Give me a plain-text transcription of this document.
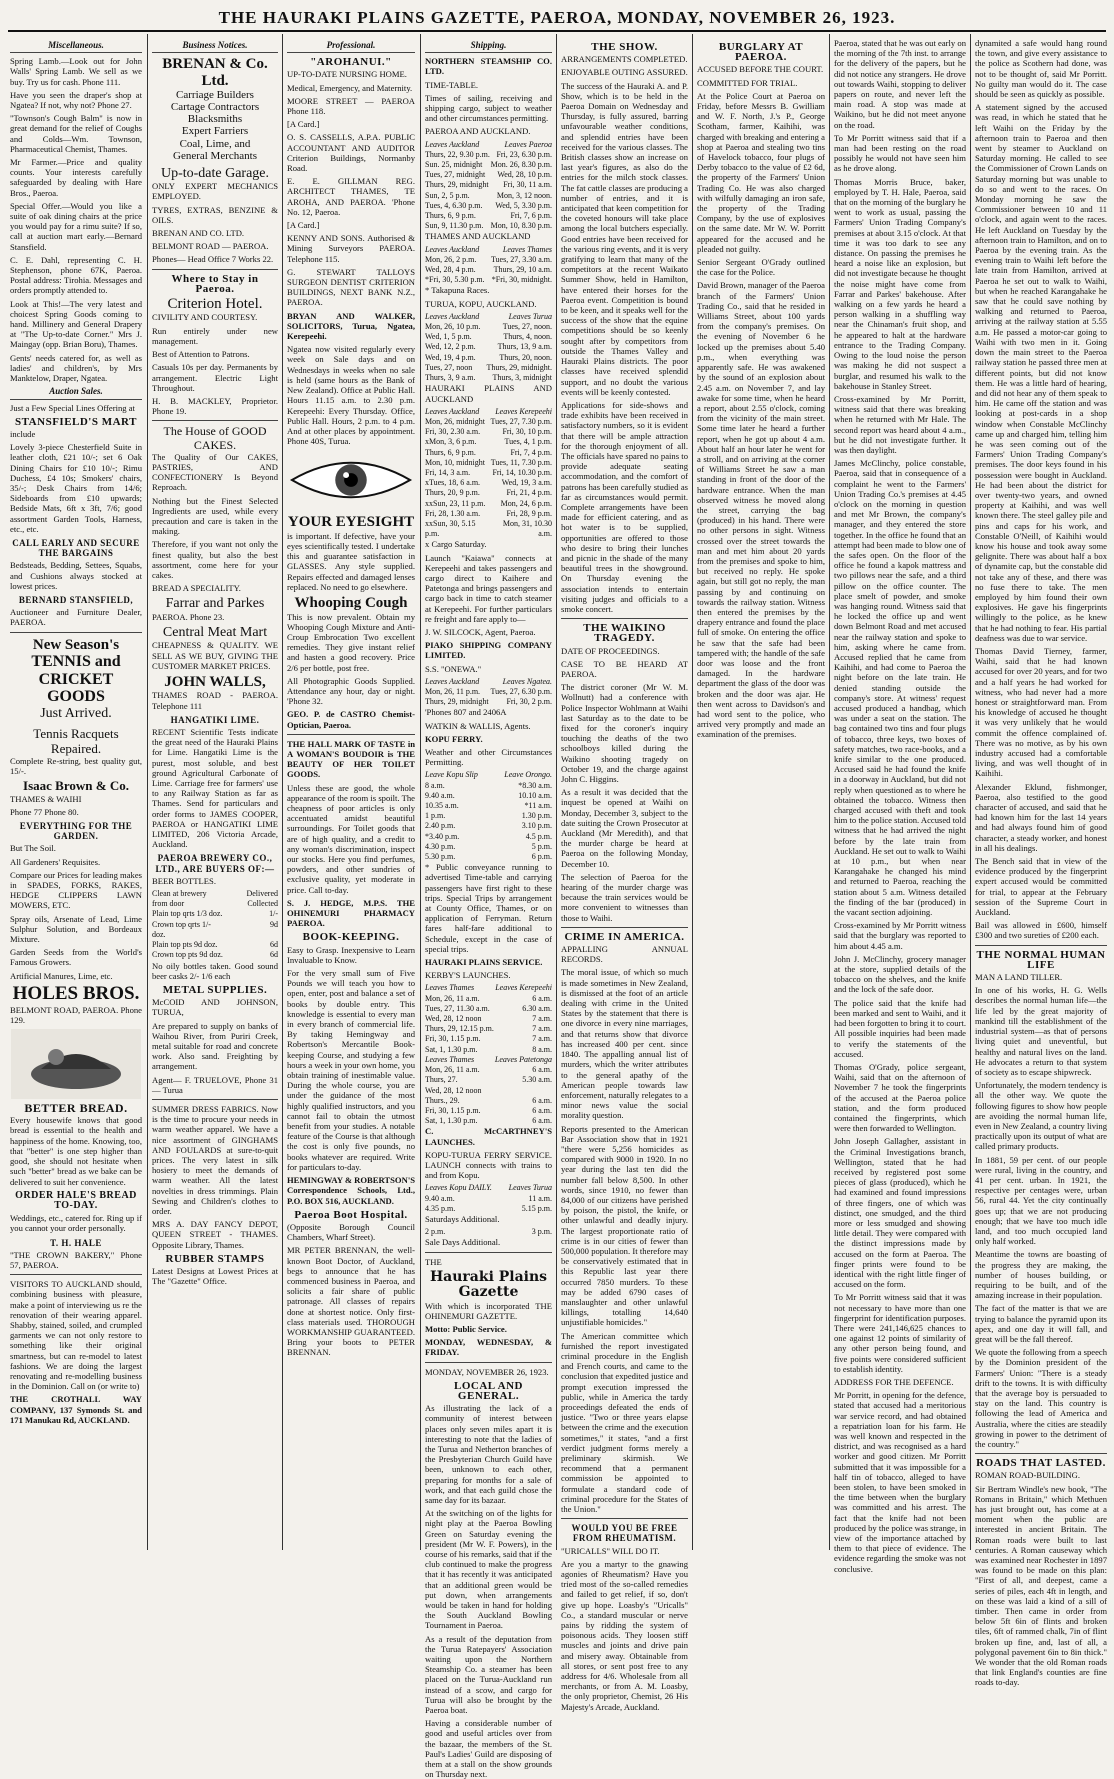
THE HAURAKI PLAINS GAZETTE, PAEROA, MONDAY, NOVEMBER 26, 1923.
Miscellaneous.

Spring Lamb.—Look out for John Walls' Spring Lamb. We sell as we buy. Try us for cash. Phone 111.

Have you seen the draper's shop at Ngatea? If not, why not? Phone 27.

"Townson's Cough Balm" is now in great demand for the relief of Coughs and Colds—Wm. Townson, Pharmaceutical Chemist, Thames.

Mr Farmer.—Price and quality counts. Your interests carefully safeguarded by dealing with Hare Bros., Paeroa.

Special Offer.—Would you like a suite of oak dining chairs at the price you would pay for a rimu suite? If so, call at auction mart early.—Bernard Stansfield.

C. E. Dahl, representing C. H. Stephenson, phone 67K, Paeroa. Postal address: Tirohia. Messages and orders promptly attended to.

Look at This!—The very latest and choicest Spring Goods coming to hand. Millinery and General Drapery at "The Up-to-date Corner." Mrs J. Maingay (opp. Brian Boru), Thames.

Gents' needs catered for, as well as ladies' and children's, by Mrs Manktelow, Draper, Ngatea.

Auction Sales.

Just a Few Special Lines Offering at

STANSFIELD'S MART

include

Lovely 3-piece Chesterfield Suite in leather cloth, £21 10/-; set 6 Oak Dining Chairs for £10 10/-; Rimu Duchess, £4 10s; Smokers' chairs, 35/-; Desk Chairs from 14/6; Sideboards from £10 upwards; Bedside Mats, 6ft x 3ft, 7/6; good assortment Garden Tools, Harness, etc., etc.

CALL EARLY AND SECURE THE BARGAINS

Bedsteads, Bedding, Settees, Squabs, and Cushions always stocked at lowest prices.

BERNARD STANSFIELD,

Auctioneer and Furniture Dealer, PAEROA.

New Season's
TENNIS and CRICKET GOODS
Just Arrived.
Tennis Racquets Repaired.

Complete Re-string, best quality gut, 15/-.

Isaac Brown & Co.

THAMES & WAIHI

Phone 77 Phone 80.

EVERYTHING FOR THE GARDEN.

But The Soil.

All Gardeners' Requisites.

Compare our Prices for leading makes in SPADES, FORKS, RAKES, HEDGE CLIPPERS LAWN MOWERS, ETC.

Spray oils, Arsenate of Lead, Lime Sulphur Solution, and Bordeaux Mixture.

Garden Seeds from the World's Famous Growers.

Artificial Manures, Lime, etc.

HOLES BROS.

BELMONT ROAD, PAEROA. Phone 129.

BETTER BREAD.

Every housewife knows that good bread is essential to the health and happiness of the home. Knowing, too, that "better" is one step higher than good, she should not hesitate when such "better" bread as we bake can be delivered to suit her convenience.

ORDER HALE'S BREAD TO-DAY.

Weddings, etc., catered for. Ring up if you cannot your order personally.

T. H. HALE

"THE CROWN BAKERY," Phone 57, PAEROA.

VISITORS TO AUCKLAND should, combining business with pleasure, make a point of interviewing us re the renovation of their wearing apparel. Shabby, stained, soiled, and crumpled garments we can not only restore to something like their original smartness, but can re-model to latest fashions. We are doing the largest renovating and re-modelling business in the Dominion. Call on (or write to)

THE CROTHALL WAY COMPANY, 137 Symonds St. and 171 Manukau Rd, AUCKLAND.

Business Notices.
BRENAN & Co. Ltd.
Carriage Builders
Cartage Contractors
Blacksmiths
Expert Farriers
Coal, Lime, and
General Merchants
Up-to-date Garage.

ONLY EXPERT MECHANICS EMPLOYED.

TYRES, EXTRAS, BENZINE & OILS.

BRENAN AND CO. LTD.

BELMONT ROAD — PAEROA.

Phones— Head Office 7 Works 22.

Where to Stay in Paeroa.
Criterion Hotel.

CIVILITY AND COURTESY.

Run entirely under new management.

Best of Attention to Patrons.

Casuals 10s per day. Permanents by arrangement. Electric Light Throughout.

H. B. MACKLEY, Proprietor. Phone 19.

The House of GOOD CAKES.

The Quality of Our CAKES, PASTRIES, AND CONFECTIONERY Is Beyond Reproach.

Nothing but the Finest Selected Ingredients are used, while every precaution and care is taken in the making.

Therefore, if you want not only the finest quality, but also the best assortment, come here for your cakes.

BREAD A SPECIALITY.

Farrar and Parkes

PAEROA. Phone 23.

Central Meat Mart

CHEAPNESS & QUALITY. WE SELL AS WE BUY, GIVING THE CUSTOMER MARKET PRICES.

JOHN WALLS,

THAMES ROAD - PAEROA. Telephone 111

HANGATIKI LIME.

RECENT Scientific Tests indicate the great need of the Hauraki Plains for Lime. Hangatiki Lime is the purest, most soluble, and best ground Agricultural Carbonate of Lime. Carriage free for farmers' use to any Railway Station as far as Thames. Send for particulars and order forms to JAMES COOPER, PAEROA or HANGATIKI LIME LIMITED, 206 Victoria Arcade, Auckland.

PAEROA BREWERY CO., LTD., ARE BUYERS OF:—

BEER BOTTLES.

Clean at brewery from door	Delivered Collected
Plain top qrts 1/3 doz.	1/-
Crown top qrts 1/- doz.	9d
Plain top pts 9d doz.	6d
Crown top pts 9d doz.	6d

No oily bottles taken. Good sound beer casks 2/- 1/6 each

METAL SUPPLIES.

McCOID AND JOHNSON, TURUA,

Are prepared to supply on banks of Waihou River, from Puriri Creek, metal suitable for road and concrete work. Also sand. Freighting by arrangement.

Agent— F. TRUELOVE, Phone 31 — Turua

SUMMER DRESS FABRICS. Now is the time to procure your needs in warm weather apparel. We have a nice assortment of GINGHAMS AND FOULARDS at sure-to-quit prices. The very latest in silk hosiery to meet the demands of warm weather. All the latest novelties in dress trimmings. Plain Sewing and Children's clothes to order.

MRS A. DAY FANCY DEPOT, QUEEN STREET - THAMES. Opposite Library, Thames.

RUBBER STAMPS

Latest Designs at Lowest Prices at The "Gazette" Office.

Professional.
"AROHANUI."

UP-TO-DATE NURSING HOME.

Medical, Emergency, and Maternity.

MOORE STREET — PAEROA Phone 118.

[A Card.]

O. S. CASSELLS, A.P.A. PUBLIC ACCOUNTANT AND AUDITOR Criterion Buildings, Normanby Road.

E. E. GILLMAN REG. ARCHITECT THAMES, TE AROHA, AND PAEROA. 'Phone No. 12, Paeroa.

[A Card.]

KENNY AND SONS. Authorised & Mining Surveyors PAEROA. Telephone 115.

G. STEWART TALLOYS SURGEON DENTIST CRITERION BUILDINGS, NEXT BANK N.Z., PAEROA.

BRYAN AND WALKER, SOLICITORS, Turua, Ngatea, Kerepeehi.

Ngatea now visited regularly every week on Sale days and on Wednesdays in weeks when no sale is held (same hours as the Bank of New Zealand). Office at Public Hall. Hours 11.15 a.m. to 2.30 p.m. Kerepeehi: Every Thursday. Office, Public Hall. Hours, 2 p.m. to 4 p.m. And at other places by appointment. Phone 40S, Turua.

YOUR EYESIGHT

is important. If defective, have your eyes scientifically tested. I undertake this and guarantee satisfaction in GLASSES. Any style supplied. Repairs effected and damaged lenses replaced. No need to go elsewhere.

Whooping Cough

This is now prevalent. Obtain my Whooping Cough Mixture and Anti-Croup Embrocation Two excellent remedies. They give instant relief and hasten a good recovery. Price 2/6 per bottle, post free.

All Photographic Goods Supplied. Attendance any hour, day or night. 'Phone 32.

GEO. P. de CASTRO Chemist-Optician, Paeroa.

THE HALL MARK OF TASTE in A WOMAN'S BOUDOIR is THE BEAUTY OF HER TOILET GOODS.

Unless these are good, the whole appearance of the room is spoilt. The cheapness of poor articles is only accentuated amidst beautiful surroundings. For Toilet goods that are of high quality, and a credit to any woman's discrimination, inspect our stocks. Here you find perfumes, powders, and other sundries of exclusive quality, yet moderate in price. Call to-day.

S. J. HEDGE, M.P.S. THE OHINEMURI PHARMACY PAEROA.

BOOK-KEEPING.

Easy to Grasp. Inexpensive to Learn Invaluable to Know.

For the very small sum of Five Pounds we will teach you how to open, enter, post and balance a set of books by double entry. This knowledge is essential to every man in every branch of commercial life. By taking Hemingway and Robertson's Mercantile Book-keeping Course, and studying a few hours a week in your own home, you obtain training of inestimable value. During the whole course, you are under the guidance of the most highly qualified instructors, and you cannot fail to obtain the utmost benefit from your studies. A notable feature of the Course is that although the cost is only five pounds, no books whatever are required. Write for particulars to-day.

HEMINGWAY & ROBERTSON'S Correspondence Schools, Ltd., P.O. BOX 516, AUCKLAND.

Paeroa Boot Hospital.

(Opposite Borough Council Chambers, Wharf Street).

MR PETER BRENNAN, the well-known Boot Doctor, of Auckland, begs to announce that he has commenced business in Paeroa, and solicits a fair share of public patronage. All classes of repairs done at shortest notice. Only first-class materials used. THOROUGH WORKMANSHIP GUARANTEED. Bring your boots to PETER BRENNAN.

Shipping.

NORTHERN STEAMSHIP CO. LTD.

TIME-TABLE.

Times of sailing, receiving and shipping cargo, subject to weather and other circumstances permitting.

PAEROA AND AUCKLAND.

Leaves Auckland	Leaves Paeroa
Thurs, 22, 9.30 p.m.	Fri, 23, 6.30 p.m.
Sun. 25, midnight	Mon. 26, 8.30 p.m.
Tues, 27, midnight	Wed, 28, 10 p.m.
Thurs, 29, midnight	Fri, 30, 11 a.m.
Sun, 2, 5 p.m.	Mon, 3, 12 noon.
Tues, 4, 6.30 p.m.	Wed, 5, 3.30 p.m.
Thurs, 6, 9 p.m.	Fri, 7, 6 p.m.
Sun, 9, 11.30 p.m.	Mon, 10, 8.30 p.m.

THAMES AND AUCKLAND

Leaves Auckland	Leaves Thames
Mon, 26, 2 p.m.	Tues, 27, 3.30 a.m.
Wed, 28, 4 p.m.	Thurs, 29, 10 a.m.
*Fri, 30, 5.30 p.m.	*Fri, 30, midnight.

* Takapuna Races.

TURUA, KOPU, AUCKLAND.

Leaves Auckland	Leaves Turua
Mon, 26, 10 p.m.	Tues, 27, noon.
Wed, 1, 5 p.m.	Thurs, 4, noon.
Wed, 12, 2 p.m.	Thurs, 13, 9 a.m.
Wed, 19, 4 p.m.	Thurs, 20, noon.
Tues, 27, noon	Thurs, 29, midnight.
Thurs, 3, 9 a.m.	Thurs, 3, midnight

HAURAKI PLAINS AND AUCKLAND

Leaves Auckland	Leaves Kerepeehi
Mon, 26, midnight	Tues, 27, 7.30 p.m.
Fri, 30, 2.30 a.m.	Fri, 30, 10 p.m.
xMon, 3, 6 p.m.	Tues, 4, 1 p.m.
Thurs, 6, 9 p.m.	Fri, 7, 4 p.m.
Mon, 10, midnight	Tues, 11, 7.30 p.m.
Fri, 14, 3 a.m.	Fri, 14, 10.30 p.m.
xTues, 18, 6 a.m.	Wed, 19, 3 a.m.
Thurs, 20, 9 p.m.	Fri, 21, 4 p.m.
xxSun, 23, 11 p.m.	Mon, 24, 6 p.m.
Fri, 28, 1.30 a.m.	Fri, 28, 9 p.m.
xxSun, 30, 5.15 p.m.	Mon, 31, 10.30 a.m.

x Cargo Saturday.

Launch "Kaiawa" connects at Kerepeehi and takes passengers and cargo direct to Kaihere and Patetonga and brings passengers and cargo back in time to catch steamer at Kerepeehi. For further particulars re freight and fare apply to—

J. W. SILCOCK, Agent, Paeroa.

PIAKO SHIPPING COMPANY LIMITED.

S.S. "ONEWA."

Leaves Auckland	Leaves Ngatea.
Mon, 26, 11 p.m.	Tues, 27, 6.30 p.m.
Thurs, 29, midnight	Fri, 30, 2 p.m.

'Phones 807 and 2406A

WATKIN & WALLIS, Agents.

KOPU FERRY.

Weather and other Circumstances Permitting.

Leave Kopu Slip	Leave Orongo.
8 a.m.	*8.30 a.m.
9.40 a.m.	10.10 a.m.
10.35 a.m.	*11 a.m.
1 p.m.	1.30 p.m.
2.40 p.m.	3.10 p.m.
*3.40 p.m.	4.5 p.m.
4.30 p.m.	5 p.m.
5.30 p.m.	6 p.m.

* Public conveyance running to advertised Time-table and carrying passengers have first right to these trips. Special Trips by arrangement at County Office, Thames, or on application of Ferryman. Return fares half-fare additional to Schedule, except in the case of special trips.

HAURAKI PLAINS SERVICE.

KERBY'S LAUNCHES.

Leaves Thames	Leaves Kerepeehi
Mon, 26, 11 a.m.	6 a.m.
Tues, 27, 11.30 a.m.	6.30 a.m.
Wed, 28, 12 noon	7 a.m.
Thurs, 29, 12.15 p.m.	7 a.m.
Fri, 30, 1.15 p.m.	7 a.m.
Sat, 1, 1.30 p.m.	8 a.m.
Leaves Thames	Leaves Patetonga
Mon, 26, 11 a.m.	6 a.m.
Thurs, 27.	5.30 a.m.
Wed, 28, 12 noon	
Thurs., 29.	6 a.m.
Fri, 30, 1.15 p.m.	6 a.m.
Sat, 1, 1.30 p.m.	6 a.m.

C. McCARTHNEY'S LAUNCHES.

KOPU-TURUA FERRY SERVICE. LAUNCH connects with trains to and from Kopu.

Leaves Kopu DAILY.	Leaves Turua
9.40 a.m.	11 a.m.
4.35 p.m.	5.15 p.m.

Saturdays Additional.

2 p.m.	3 p.m.

Sale Days Additional.

THE

Hauraki Plains Gazette

With which is incorporated THE OHINEMURI GAZETTE.

Motto: Public Service.

MONDAY, WEDNESDAY, & FRIDAY.

MONDAY, NOVEMBER 26, 1923.

LOCAL AND GENERAL.

As illustrating the lack of a community of interest between places only seven miles apart it is interesting to note that the ladies of the Turua and Netherton branches of the Presbyterian Church Guild have been, unknown to each other, preparing for months for a sale of work, and that each guild chose the same day for its bazaar.

At the switching on of the lights for night play at the Paeroa Bowling Green on Saturday evening the president (Mr W. F. Powers), in the course of his remarks, said that if the club continued to make the progress that it has recently it was anticipated that an additional green would be put down, when arrangements would be taken in hand for holding the South Auckland Bowling Tournament in Paeroa.

As a result of the deputation from the Turua Ratepayers' Association waiting upon the Northern Steamship Co. a steamer has been placed on the Turua-Auckland run instead of a scow, and cargo for Turua will also be brought by the Paeroa boat.

Having a considerable number of good and useful articles over from the bazaar, the members of the St. Paul's Ladies' Guild are disposing of them at a stall on the show grounds on Thursday next.

THE SHOW.

ARRANGEMENTS COMPLETED.

ENJOYABLE OUTING ASSURED.

The success of the Hauraki A. and P. Show, which is to be held in the Paeroa Domain on Wednesday and Thursday, is fully assured, barring unfavourable weather conditions, and splendid entries have been received for the various classes. The British classes show an increase on last year's figures, as also do the entries for the milch stock classes. The fat cattle classes are producing a number of entries, and it is anticipated that keen competition for the coveted honours will take place among the local butchers especially. Good entries have been received for the various ring events, and it is very gratifying to learn that many of the competitors at the recent Waikato Summer Show, held in Hamilton, have entered their horses for the Paeroa event. Competition is bound to be keen, and it speaks well for the success of the show that the equine competitions should be so keenly sought after by competitors from outside the Thames Valley and Hauraki Plains districts. The poor classes have received splendid support, and no doubt the various events will be keenly contested.

Applications for side-shows and trade exhibits have been received in satisfactory numbers, so it is evident that there will be ample attraction for the thorough enjoyment of all. The officials have spared no pains to provide adequate seating accommodation, and the comfort of patrons has been carefully studied as far as circumstances would permit. Complete arrangements have been made for efficient catering, and as hot water is to be supplied, opportunities are offered to those who desire to bring their lunches and picnic in the shade of the many beautiful trees in the showground. On Thursday evening the association intends to entertain visiting judges and officials to a smoke concert.

THE WAIKINO TRAGEDY.

DATE OF PROCEEDINGS.

CASE TO BE HEARD AT PAEROA.

The district coroner (Mr W. M. Wollnutt) had a conference with Police Inspector Wohlmann at Waihi last Saturday as to the date to be fixed for the coroner's inquiry touching the deaths of the two schoolboys killed during the Waikino shooting tragedy on October 19, and the charge against John C. Higgins.

As a result it was decided that the inquest be opened at Waihi on Monday, December 3, subject to the date suiting the Crown Prosecutor at Auckland (Mr Meredith), and that the murder charge be heard at Paeroa on the following Monday, December 10.

The selection of Paeroa for the hearing of the murder charge was because the train services would be more convenient to witnesses than those to Waihi.

CRIME IN AMERICA.

APPALLING ANNUAL RECORDS.

The moral issue, of which so much is made sometimes in New Zealand, is dismissed at the foot of an article dealing with crime in the United States by the statement that there is one divorce in every nine marriages, and that returns show that divorce has increased 400 per cent. since 1840. The appalling annual list of murders, which the writer attributes to the general apathy of the American people towards law enforcement, naturally relegates to a minor news value the social morality question.

Reports presented to the American Bar Association show that in 1921 "there were 5,256 homicides as compared with 9000 in 1920. In no year during the last ten did the number fall below 8,500. In other words, since 1910, no fewer than 84,000 of our citizens have perished by poison, the pistol, the knife, or other unlawful and deadly injury. The largest proportionate ratio of crime is in our cities of fewer than 500,000 population. It therefore may be conservatively estimated that in this Republic last year there occurred 7850 murders. To these may be added 6790 cases of manslaughter and other unlawful killings, totalling 14,640 unjustifiable homicides."

The American committee which furnished the report investigated criminal procedure in the English and French courts, and came to the conclusion that expedited justice and prompt execution impressed the public, while in America the tardy proceedings defeated the ends of justice. "Two or three years elapse between the crime and the execution sometimes," it states, "and a first verdict judgment forms merely a preliminary skirmish. We recommend that a permanent commission be appointed to formulate a standard code of criminal procedure for the States of the Union."

WOULD YOU BE FREE FROM RHEUMATISM.

"URICALLS" WILL DO IT.

Are you a martyr to the gnawing agonies of Rheumatism? Have you tried most of the so-called remedies and failed to get relief, if so, don't give up hope. Loasby's "Uricalls" Co., a standard muscular or nerve pains by ridding the system of poisonous acids. They loosen stiff muscles and joints and drive pain and misery away. Obtainable from all stores, or sent post free to any address for 4/6. Wholesale from all merchants, or from A. M. Loasby, the only proprietor, Chemist, 26 His Majesty's Arcade, Auckland.

BURGLARY AT PAEROA.

ACCUSED BEFORE THE COURT.

COMMITTED FOR TRIAL.

At the Police Court at Paeroa on Friday, before Messrs B. Gwilliam and W. F. North, J.'s P., George Scotham, farmer, Kaihihi, was charged with breaking and entering a shop at Paeroa and stealing two tins of Havelock tobacco, four plugs of Derby tobacco to the value of £2 6d, the property of the Farmers' Union Trading Co. He was also charged with wilfully damaging an iron safe, the property of the Trading Company, by the use of explosives on the same date. Mr W. W. Porritt appeared for the accused and he pleaded not guilty.

Senior Sergeant O'Grady outlined the case for the Police.

David Brown, manager of the Paeroa branch of the Farmers' Union Trading Co., said that he resided in Williams Street, about 100 yards from the company's premises. On the evening of November 6 he locked up the premises about 5.40 p.m., when everything was apparently safe. He was awakened by the sound of an explosion about 2.45 a.m. on November 7, and lay awake for some time, when he heard a report, about 2.55 o'clock, coming from the vicinity of the main street. Some time later he heard a further report, when he got up about 4 a.m. About half an hour later he went for a stroll, and on arriving at the corner of Williams Street he saw a man standing in front of the door of the hardware entrance. When the man observed witness he moved along the street, carrying the bag (produced) in his hand. There were no other persons in sight. Witness crossed over the street towards the man and met him about 20 yards from the premises and spoke to him, but received no reply. He spoke again, but still got no reply, the man passing by and continuing on towards the railway station. Witness then entered the premises by the drapery entrance and found the place full of smoke. On entering the office he saw that the safe had been tampered with; the handle of the safe door was loose and the front damaged. In the hardware department the glass of the door was broken and the door was ajar. He then went across to Davidson's and had word sent to the police, who arrived very promptly and made an examination of the premises.

Paeroa, stated that he was out early on the morning of the 7th inst. to arrange for the delivery of the papers, but he did not notice any strangers. He drove out towards Waihi, stopping to deliver papers on route, and never left the main road. A stop was made at Waikino, but he did not meet anyone on the road.

To Mr Porritt witness said that if a man had been resting on the road possibly he would not have seen him as he drove along.

Thomas Morris Bruce, baker, employed by T. H. Hale, Paeroa, said that on the morning of the burglary he went to work as usual, passing the Farmers' Union Trading Company's premises at about 3.15 o'clock. At that time it was too dark to see any distance. On passing the premises he heard a noise like an explosion, but did not investigate because he thought the noise might have come from Farrar and Parkes' bakehouse. After walking on a few yards he heard a person walking in a shuffling way near the Chinaman's fruit shop, and he appeared to halt at the hardware entrance to the Trading Company. Owing to the loud noise the person was making he did not suspect a burglar, and resumed his walk to the bakehouse in Stanley Street.

Cross-examined by Mr Porritt, witness said that there was breaking when he returned with Mr Hale. The second report was heard about 4 a.m., but he did not investigate further. It was then daylight.

James McClinchy, police constable, Paeroa, said that in consequence of a complaint he went to the Farmers' Union Trading Co.'s premises at 4.45 o'clock on the morning in question and met Mr Brown, the company's manager, and they entered the store together. In the office he found that an attempt had been made to blow one of the safes open. On the floor of the office he found a kapok mattress and two pillows near the safe, and a third pillow on the office counter. The place smelt of powder, and smoke was hanging round. Witness said that he locked the office up and went down Belmont Road and met accused near the railway station and spoke to him, asking where he came from. Accused replied that he came from Kaihihi, and had come to Paeroa the night before on the late train. He denied standing outside the company's store. At witness' request accused produced a handbag, which was under a seat on the station. The bag contained two tins and four plugs of tobacco, three keys, two boxes of safety matches, two race-books, and a knife similar to the one produced. Accused said he had found the knife in a doorway in Auckland, but did not reply when questioned as to where he obtained the tobacco. Witness then charged accused with theft and took him to the police station. Accused told witness that he had arrived the night before by the late train from Auckland. He set out to walk to Waihi at 10 p.m., but when near Karangahake he changed his mind and returned to Paeroa, reaching the station about 5 a.m. Witness detailed the finding of the bar (produced) in the vacant section adjoining.

Cross-examined by Mr Porritt witness said that the burglary was reported to him about 4.45 a.m.

John J. McClinchy, grocery manager at the store, supplied details of the tobacco on the shelves, and the knife and the lock of the safe door.

The police said that the knife had been marked and sent to Waihi, and it had been forgotten to bring it to court. All possible inquiries had been made to verify the statements of the accused.

Thomas O'Grady, police sergeant, Waihi, said that on the afternoon of November 7 he took the fingerprints of the accused at the Paeroa police station, and the form produced contained the fingerprints, which were then forwarded to Wellington.

John Joseph Gallagher, assistant in the Criminal Investigations branch, Wellington, stated that he had received by registered post some pieces of glass (produced), which he had examined and found impressions of three fingers, one of which was distinct, one smudged, and the third more or less smudged and showing little detail. They were compared with the distinct impressions made by accused on the form at Paeroa. The finger prints were found to be identical with the right little finger of accused on the form.

To Mr Porritt witness said that it was not necessary to have more than one fingerprint for identification purposes. There were 241,146,625 chances to one against 12 points of similarity of any other person being found, and five points were considered sufficient to establish identity.

ADDRESS FOR THE DEFENCE.

Mr Porritt, in opening for the defence, stated that accused had a meritorious war service record, and had obtained a repatriation loan for his farm. He was well known and respected in the district, and was recognised as a hard worker and good citizen. Mr Porritt submitted that it was impossible for a half tin of tobacco, alleged to have been stolen, to have been smoked in the time between when the burglary was committed and his arrest. The fact that the knife had not been produced by the police was strange, in view of the importance attached by them to that piece of evidence. The evidence regarding the smoke was not conclusive.

dynamited a safe would hang round the town, and give every assistance to the police as Scothern had done, was not to be thought of, said Mr Porritt. No guilty man would do it. The case should be seen as quickly as possible.

A statement signed by the accused was read, in which he stated that he left Waihi on the Friday by the afternoon train to Paeroa and then went by steamer to Auckland on Saturday morning. He called to see the Commissioner of Crown Lands on Saturday morning but was unable to do so and went to the races. On Monday morning he saw the Commissioner between 10 and 11 o'clock, and again went to the races. He left Auckland on Tuesday by the afternoon train to Hamilton, and on to Paeroa by the evening train. As the evening train to Waihi left before the late train from Hamilton, arrived at Paeroa he set out to walk to Waihi, but when he reached Karangahake he saw that he could save nothing by walking and returned to Paeroa, arriving at the railway station at 5.55 a.m. He passed a motor-car going to Waihi with two men in it. Going down the main street to the Paeroa railway station he passed three men at different points, but did not know them. He was a little hard of hearing, and did not hear any of them speak to him. He came off the station and was looking at post-cards in a shop window when Constable McClinchy came up and charged him, telling him he was seen coming out of the Farmers' Union Trading Company's premises. The door keys found in his possession were bought in Auckland. He had been about the district for over twenty-two years, and owned property at Kaihihi, and was well known there. The steel galley pile and pins and caps for his work, and Constable O'Neill, of Kaihihi would know his house and took away some gelignite. There was about half a box of dynamite cap, but the constable did not take any of these, and there was no fuse there to take. The men employed by him found their own explosives. He gave his fingerprints willingly to the police, as he knew that he had nothing to fear. His partial deafness was due to war service.

Thomas David Tierney, farmer, Waihi, said that he had known accused for over 20 years, and for two and a half years he had worked for witness, who had never had a more honest or straightforward man. From his knowledge of accused he thought it was very unlikely that he would commit the offence complained of. There was no motive, as by his own industry accused had a comfortable living, and was well thought of in Kaihihi.

Alexander Eklund, fishmonger, Paeroa, also testified to the good character of accused, and said that he had known him for the last 14 years and had always found him of good character, a steady worker, and honest in all his dealings.

The Bench said that in view of the evidence produced by the fingerprint expert accused would be committed for trial, to appear at the February session of the Supreme Court in Auckland.

Bail was allowed in £600, himself £300 and two sureties of £200 each.

THE NORMAL HUMAN LIFE

MAN A LAND TILLER.

In one of his works, H. G. Wells describes the normal human life—the life led by the great majority of mankind till the establishment of the industrial system—as that of persons living quiet and uneventful, but healthy and natural lives on the land. He advocates a return to that system of society as to escape shipwreck.

Unfortunately, the modern tendency is all the other way. We quote the following figures to show how people are avoiding the normal human life, even in New Zealand, a country living practically upon its output of what are called primary products.

In 1881, 59 per cent. of our people were rural, living in the country, and 41 per cent. urban. In 1921, the respective per centages were, urban 56, rural 44. Yet the city continually goes up; that we are not producing enough; that we have too much idle land, and too much occupied land only half worked.

Meantime the towns are boasting of the progress they are making, the number of houses building, or requiring to be built, and of the amazing increase in their population.

The fact of the matter is that we are trying to balance the pyramid upon its apex, and one day it will fall, and great will be the fall thereof.

We quote the following from a speech by the Dominion president of the Farmers' Union: "There is a steady drift to the towns. It is with difficulty that the average boy is persuaded to stay on the land. This country is following the lead of America and Australia, where the cities are steadily growing in power to the detriment of the country."

ROADS THAT LASTED.

ROMAN ROAD-BUILDING.

Sir Bertram Windle's new book, "The Romans in Britain," which Methuen has just brought out, has come at a moment when the public are interested in ancient Britain. The Roman roads were built to last centuries. A Roman causeway which was examined near Rochester in 1897 was found to be made on this plan: "First of all, and deepest, came a series of piles, each 4ft in length, and on these was laid a kind of a sill of timber. Then came in order from below 5ft 6in of flints and broken tiles, 6ft of rammed chalk, 7in of flint broken up fine, and, last of all, a polygonal pavement 6in to 8in thick." We wonder that the old Roman roads that link England's counties are fine roads to-day.
